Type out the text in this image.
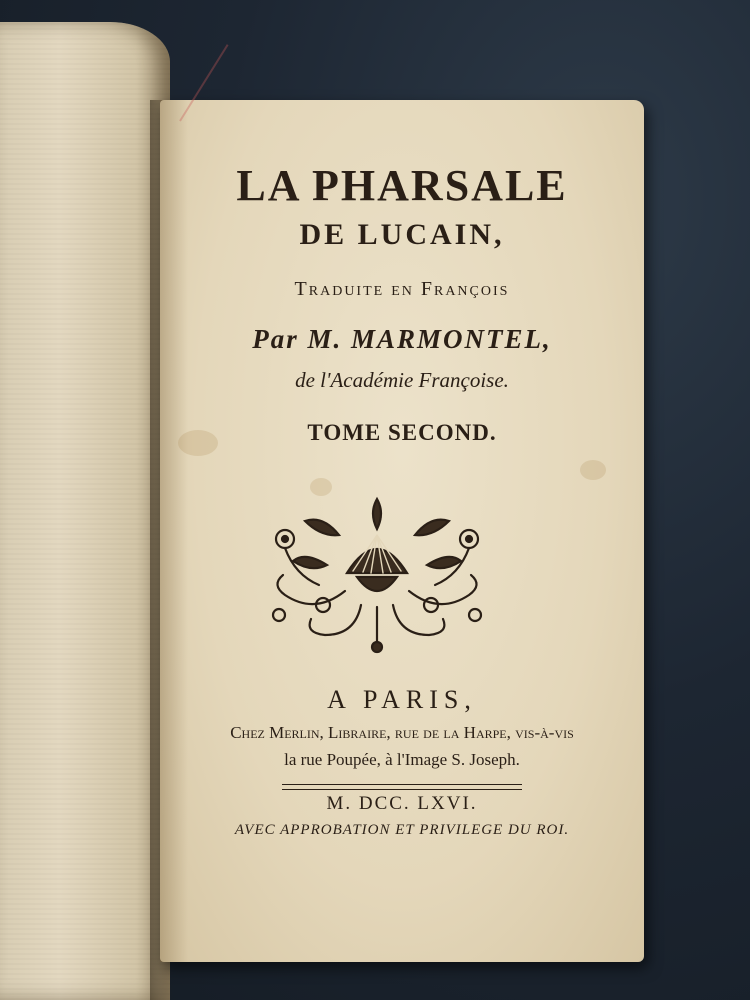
LA PHARSALE
DE LUCAIN,
Traduite en François
Par M. MARMONTEL,
de l'Académie Françoise.
TOME SECOND.
A PARIS,
Chez Merlin, Libraire, rue de la Harpe, vis-à-vis
la rue Poupée, à l'Image S. Joseph.
M. DCC. LXVI.
AVEC APPROBATION ET PRIVILEGE DU ROI.
